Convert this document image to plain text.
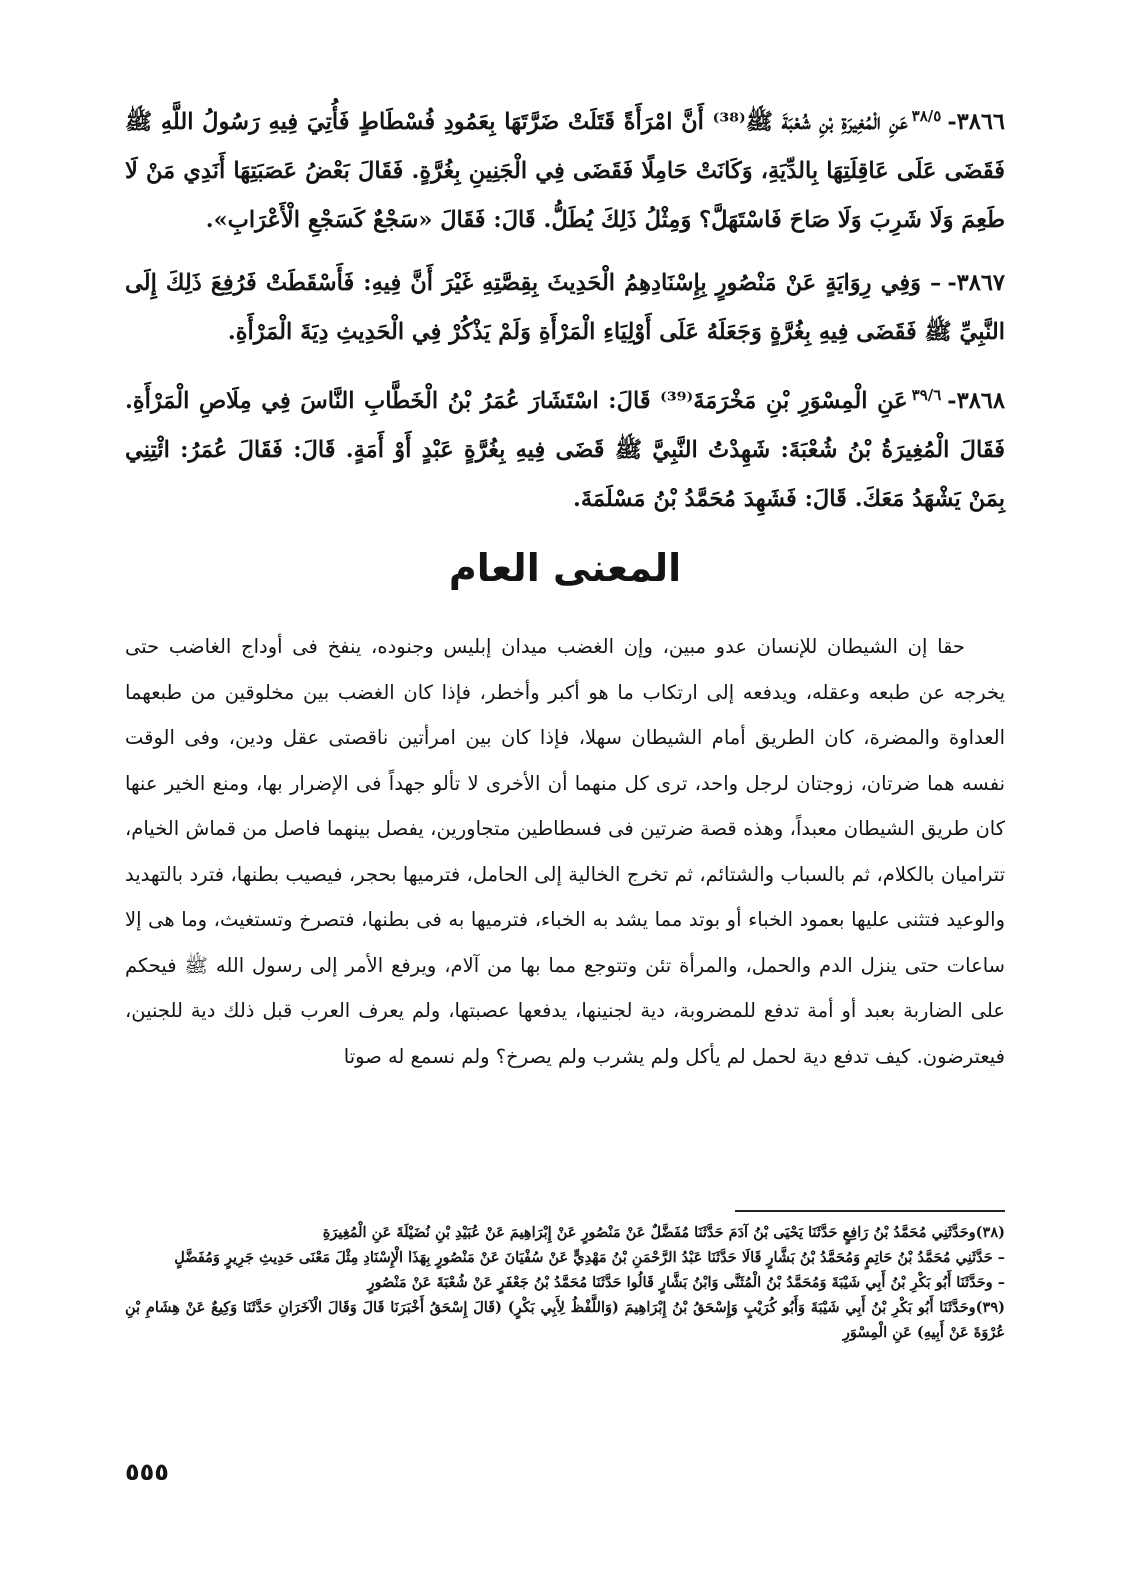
٣٨٦٦-$^{٣٨/٥}$عَنِ الْمُغِيرَةِ بْنِ شُعْبَةَ ﷺ⁽³⁸⁾ أَنَّ امْرَأَةً قَتَلَتْ ضَرَّتَهَا بِعَمُودِ فُسْطَاطٍ فَأُتِيَ فِيهِ رَسُولُ اللَّهِ ﷺ فَقَضَى عَلَى عَاقِلَتِهَا بِالدِّيَةِ، وَكَانَتْ حَامِلًا فَقَضَى فِي الْجَنِينِ بِغُرَّةٍ. فَقَالَ بَعْضُ عَصَبَتِهَا أَنَدِي مَنْ لَا طَعِمَ وَلَا شَرِبَ وَلَا صَاحَ فَاسْتَهَلَّ؟ وَمِثْلُ ذَلِكَ يُطَلُّ. قَالَ: فَقَالَ «سَجْعٌ كَسَجْعِ الْأَعْرَابِ».

٣٨٦٧-– وَفِي رِوَايَةٍ عَنْ مَنْصُورٍ بِإِسْنَادِهِمُ الْحَدِيثَ بِقِصَّتِهِ غَيْرَ أَنَّ فِيهِ: فَأَسْقَطَتْ فَرُفِعَ ذَلِكَ إِلَى النَّبِيِّ ﷺ فَقَضَى فِيهِ بِغُرَّةٍ وَجَعَلَهُ عَلَى أَوْلِيَاءِ الْمَرْأَةِ وَلَمْ يَذْكُرْ فِي الْحَدِيثِ دِيَةَ الْمَرْأَةِ.

٣٨٦٨-$^{٣٩/٦}$عَنِ الْمِسْوَرِ بْنِ مَخْرَمَةَ⁽³⁹⁾ قَالَ: اسْتَشَارَ عُمَرُ بْنُ الْخَطَّابِ النَّاسَ فِي مِلَاصِ الْمَرْأَةِ. فَقَالَ الْمُغِيرَةُ بْنُ شُعْبَةَ: شَهِدْتُ النَّبِيَّ ﷺ قَضَى فِيهِ بِغُرَّةٍ عَبْدٍ أَوْ أَمَةٍ. قَالَ: فَقَالَ عُمَرُ: ائْتِنِي بِمَنْ يَشْهَدُ مَعَكَ. قَالَ: فَشَهِدَ مُحَمَّدُ بْنُ مَسْلَمَةَ.

المعنى العام

حقا إن الشيطان للإنسان عدو مبين، وإن الغضب ميدان إبليس وجنوده، ينفخ فى أوداج الغاضب حتى يخرجه عن طبعه وعقله، ويدفعه إلى ارتكاب ما هو أكبر وأخطر، فإذا كان الغضب بين مخلوقين من طبعهما العداوة والمضرة، كان الطريق أمام الشيطان سهلا، فإذا كان بين امرأتين ناقصتى عقل ودين، وفى الوقت نفسه هما ضرتان، زوجتان لرجل واحد، ترى كل منهما أن الأخرى لا تألو جهداً فى الإضرار بها، ومنع الخير عنها كان طريق الشيطان معبداً، وهذه قصة ضرتين فى فسطاطين متجاورين، يفصل بينهما فاصل من قماش الخيام، تتراميان بالكلام، ثم بالسباب والشتائم، ثم تخرج الخالية إلى الحامل، فترميها بحجر، فيصيب بطنها، فترد بالتهديد والوعيد فتثنى عليها بعمود الخباء أو بوتد مما يشد به الخباء، فترميها به فى بطنها، فتصرخ وتستغيث، وما هى إلا ساعات حتى ينزل الدم والحمل، والمرأة تئن وتتوجع مما بها من آلام، ويرفع الأمر إلى رسول الله ﷺ فيحكم على الضاربة بعبد أو أمة تدفع للمضروبة، دية لجنينها، يدفعها عصبتها، ولم يعرف العرب قبل ذلك دية للجنين، فيعترضون. كيف تدفع دية لحمل لم يأكل ولم يشرب ولم يصرخ؟ ولم نسمع له صوتا

(٣٨)وحَدَّثَنِي مُحَمَّدُ بْنُ رَافِعٍ حَدَّثَنَا يَحْيَى بْنُ آدَمَ حَدَّثَنَا مُفَضَّلٌ عَنْ مَنْصُورٍ عَنْ إِبْرَاهِيمَ عَنْ عُبَيْدِ بْنِ نُضَيْلَةَ عَنِ الْمُغِيرَةِ

– حَدَّثَنِي مُحَمَّدُ بْنُ حَاتِمٍ وَمُحَمَّدُ بْنُ بَشَّارٍ قَالَا حَدَّثَنَا عَبْدُ الرَّحْمَنِ بْنُ مَهْدِيٍّ عَنْ سُفْيَانَ عَنْ مَنْصُورٍ بِهَذَا الْإِسْنَادِ مِثْلَ مَعْنَى حَدِيثِ جَرِيرٍ وَمُفَضَّلٍ

– وحَدَّثَنَا أَبُو بَكْرِ بْنُ أَبِي شَيْبَةَ وَمُحَمَّدُ بْنُ الْمُثَنَّى وَابْنُ بَشَّارٍ قَالُوا حَدَّثَنَا مُحَمَّدُ بْنُ جَعْفَرٍ عَنْ شُعْبَةَ عَنْ مَنْصُورٍ

(٣٩)وحَدَّثَنَا أَبُو بَكْرِ بْنُ أَبِي شَيْبَةَ وَأَبُو كُرَيْبٍ وَإِسْحَقُ بْنُ إِبْرَاهِيمَ (وَاللَّفْظُ لِأَبِي بَكْرٍ) (قَالَ إِسْحَقُ أَخْبَرَنَا قَالَ وَقَالَ الْآخَرَانِ حَدَّثَنَا وَكِيعٌ عَنْ هِشَامِ بْنِ عُرْوَةَ عَنْ أَبِيهِ) عَنِ الْمِسْوَرِ

٥٥٥
